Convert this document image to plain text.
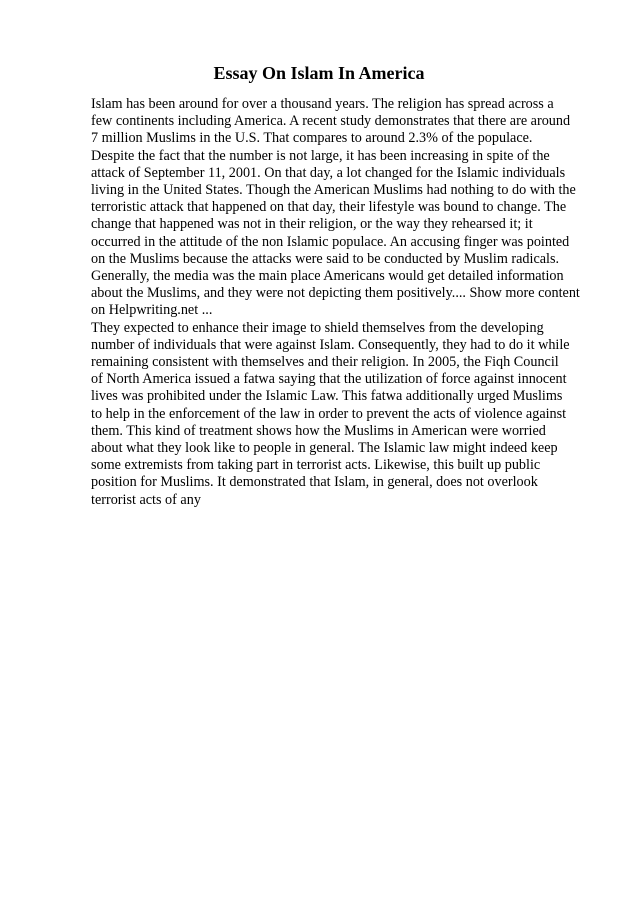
Essay On Islam In America
Islam has been around for over a thousand years. The religion has spread across a
few continents including America. A recent study demonstrates that there are around
7 million Muslims in the U.S. That compares to around 2.3% of the populace.
Despite the fact that the number is not large, it has been increasing in spite of the
attack of September 11, 2001. On that day, a lot changed for the Islamic individuals
living in the United States. Though the American Muslims had nothing to do with the
terroristic attack that happened on that day, their lifestyle was bound to change. The
change that happened was not in their religion, or the way they rehearsed it; it
occurred in the attitude of the non Islamic populace. An accusing finger was pointed
on the Muslims because the attacks were said to be conducted by Muslim radicals.
Generally, the media was the main place Americans would get detailed information
about the Muslims, and they were not depicting them positively.... Show more content
on Helpwriting.net ...
They expected to enhance their image to shield themselves from the developing
number of individuals that were against Islam. Consequently, they had to do it while
remaining consistent with themselves and their religion. In 2005, the Fiqh Council
of North America issued a fatwa saying that the utilization of force against innocent
lives was prohibited under the Islamic Law. This fatwa additionally urged Muslims
to help in the enforcement of the law in order to prevent the acts of violence against
them. This kind of treatment shows how the Muslims in American were worried
about what they look like to people in general. The Islamic law might indeed keep
some extremists from taking part in terrorist acts. Likewise, this built up public
position for Muslims. It demonstrated that Islam, in general, does not overlook
terrorist acts of any
